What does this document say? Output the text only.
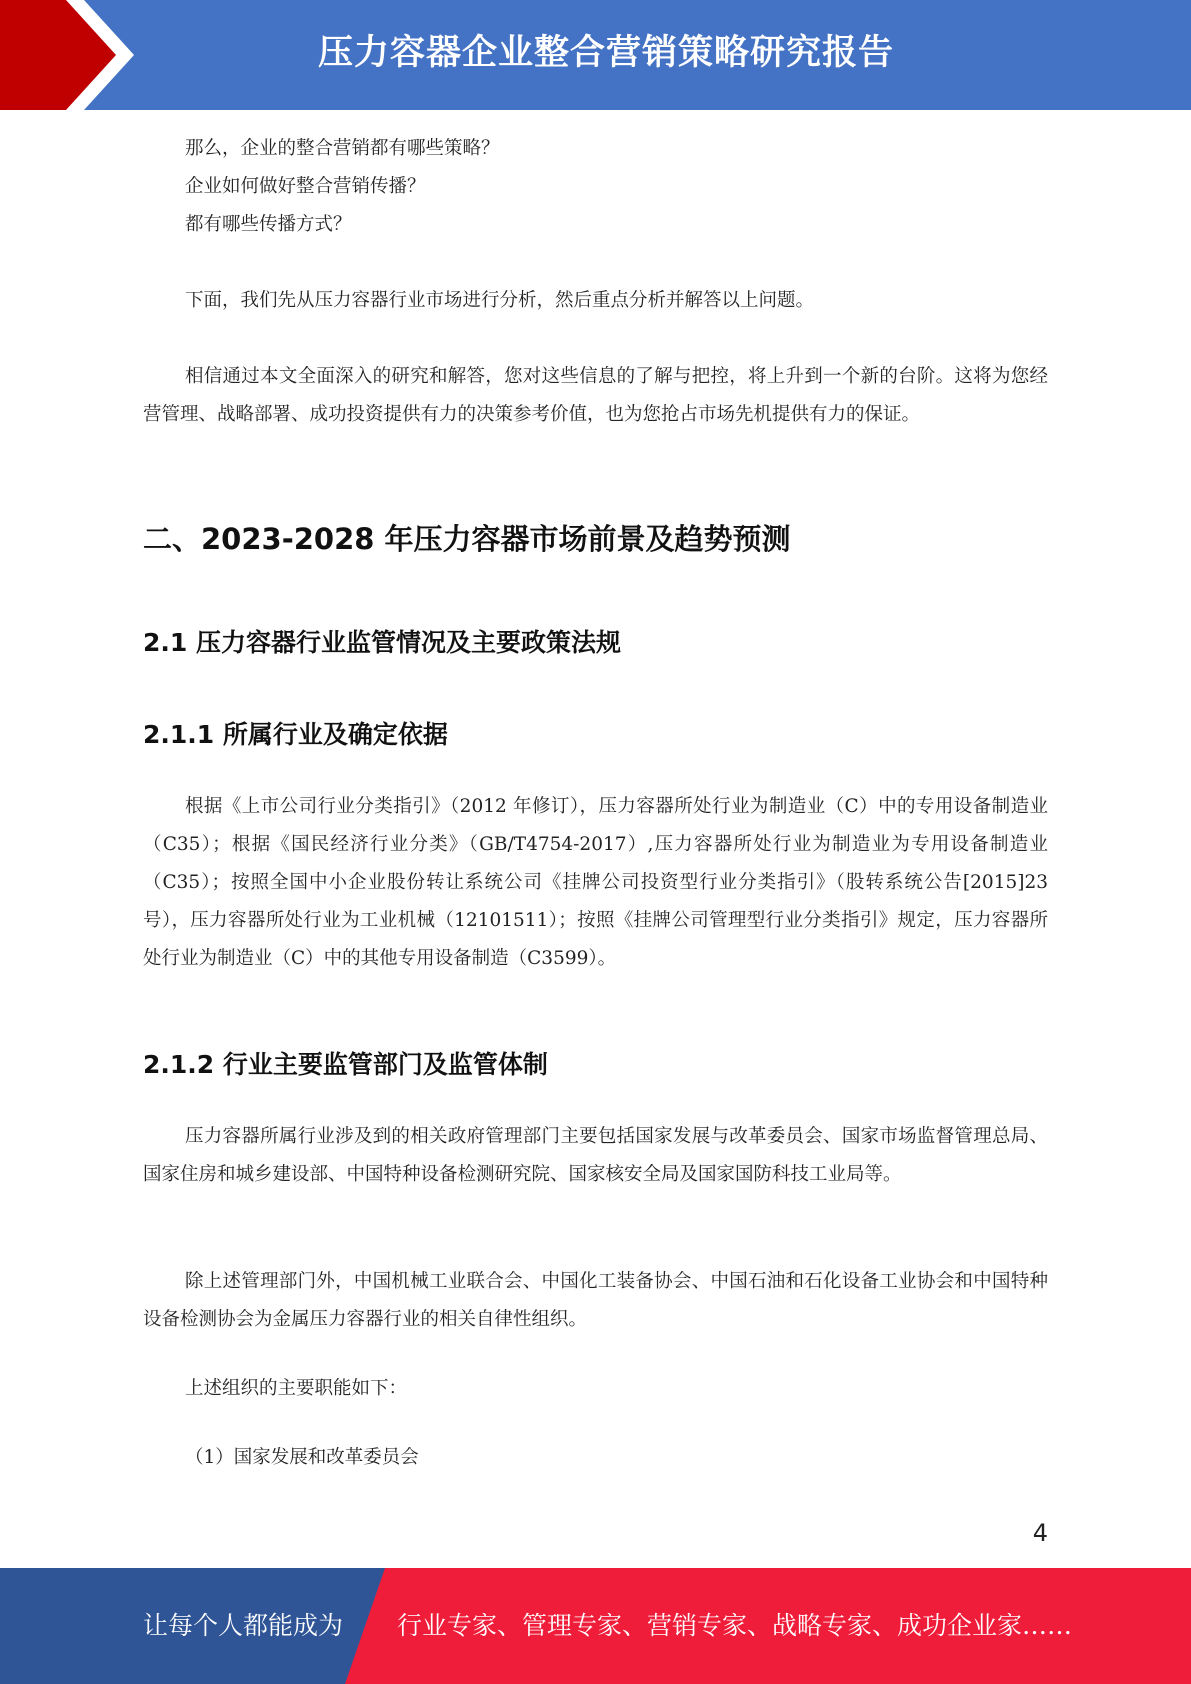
压力容器企业整合营销策略研究报告
那么，企业的整合营销都有哪些策略？
企业如何做好整合营销传播？
都有哪些传播方式？

下面，我们先从压力容器行业市场进行分析，然后重点分析并解答以上问题。

相信通过本文全面深入的研究和解答，您对这些信息的了解与把控，将上升到一个新的台阶。这将为您经营管理、战略部署、成功投资提供有力的决策参考价值，也为您抢占市场先机提供有力的保证。

二、2023-2028 年压力容器市场前景及趋势预测
2.1 压力容器行业监管情况及主要政策法规
2.1.1 所属行业及确定依据

根据《上市公司行业分类指引》（2012 年修订），压力容器所处行业为制造业（C）中的专用设备制造业（C35）；根据《国民经济行业分类》（GB/T4754-2017）,压力容器所处行业为制造业为专用设备制造业（C35）；按照全国中小企业股份转让系统公司《挂牌公司投资型行业分类指引》（股转系统公告[2015]23 号），压力容器所处行业为工业机械（12101511）；按照《挂牌公司管理型行业分类指引》规定，压力容器所处行业为制造业（C）中的其他专用设备制造（C3599）。

2.1.2 行业主要监管部门及监管体制

压力容器所属行业涉及到的相关政府管理部门主要包括国家发展与改革委员会、国家市场监督管理总局、国家住房和城乡建设部、中国特种设备检测研究院、国家核安全局及国家国防科技工业局等。

除上述管理部门外，中国机械工业联合会、中国化工装备协会、中国石油和石化设备工业协会和中国特种设备检测协会为金属压力容器行业的相关自律性组织。

上述组织的主要职能如下：

（1）国家发展和改革委员会
4
让每个人都能成为 行业专家、管理专家、营销专家、战略专家、成功企业家……
